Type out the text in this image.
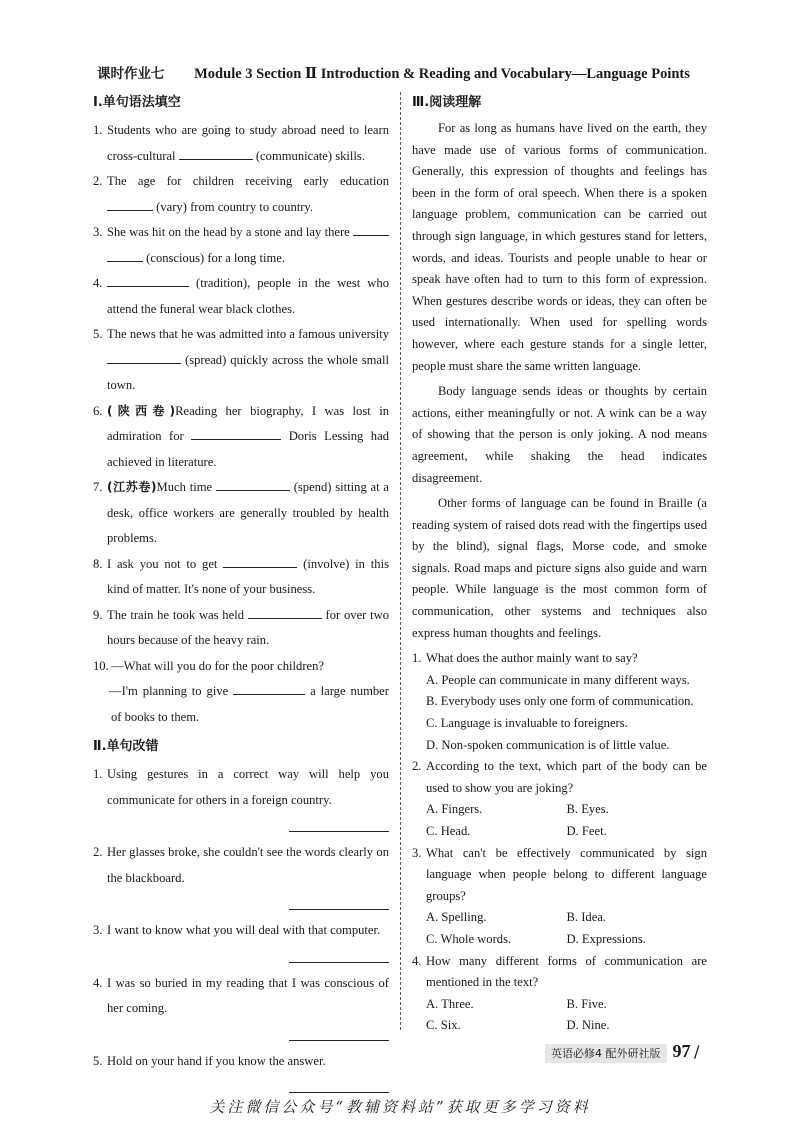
课时作业七 Module 3 Section Ⅱ Introduction & Reading and Vocabulary—Language Points
Ⅰ.单句语法填空
1. Students who are going to study abroad need to learn cross-cultural	(communicate) skills.
2. The age for children receiving early education  (vary) from country to country.
3. She was hit on the head by a stone and lay there   (conscious) for a long time.
4.	(tradition), people in the west who attend the funeral wear black clothes.
5. The news that he was admitted into a famous university  (spread) quickly across the whole small town.
6. (陕西卷)Reading her biography, I was lost in admiration for	Doris Lessing had achieved in literature.
7. (江苏卷)Much time	(spend) sitting at a desk, office workers are generally troubled by health problems.
8. I ask you not to get	(involve) in this kind of matter. It's none of your business.
9. The train he took was held	for over two hours because of the heavy rain.
10. —What will you do for the poor children?
—I'm planning to give	a large number of books to them.
Ⅱ.单句改错
1. Using gestures in a correct way will help you communicate for others in a foreign country.
2. Her glasses broke, she couldn't see the words clearly on the blackboard.
3. I want to know what you will deal with that computer.
4. I was so buried in my reading that I was conscious of her coming.
5. Hold on your hand if you know the answer.
Ⅲ.阅读理解

For as long as humans have lived on the earth, they have made use of various forms of communication. Generally, this expression of thoughts and feelings has been in the form of oral speech. When there is a spoken language problem, communication can be carried out through sign language, in which gestures stand for letters, words, and ideas. Tourists and people unable to hear or speak have often had to turn to this form of expression. When gestures describe words or ideas, they can often be used internationally. When used for spelling words however, where each gesture stands for a single letter, people must share the same written language.

Body language sends ideas or thoughts by certain actions, either meaningfully or not. A wink can be a way of showing that the person is only joking. A nod means agreement, while shaking the head indicates disagreement.

Other forms of language can be found in Braille (a reading system of raised dots read with the fingertips used by the blind), signal flags, Morse code, and smoke signals. Road maps and picture signs also guide and warn people. While language is the most common form of communication, other systems and techniques also express human thoughts and feelings.

1. What does the author mainly want to say?
A. People can communicate in many different ways.
B. Everybody uses only one form of communication.
C. Language is invaluable to foreigners.
D. Non-spoken communication is of little value.
2. According to the text, which part of the body can be used to show you are joking?
A. Fingers.	B. Eyes.
C. Head.	D. Feet.
3. What can't be effectively communicated by sign language when people belong to different language groups?
A. Spelling.	B. Idea.
C. Whole words.	D. Expressions.
4. How many different forms of communication are mentioned in the text?
A. Three.	B. Five.
C. Six.	D. Nine.
英语必修4 配外研社版 97 /
关注微信公众号“教辅资料站”获取更多学习资料
